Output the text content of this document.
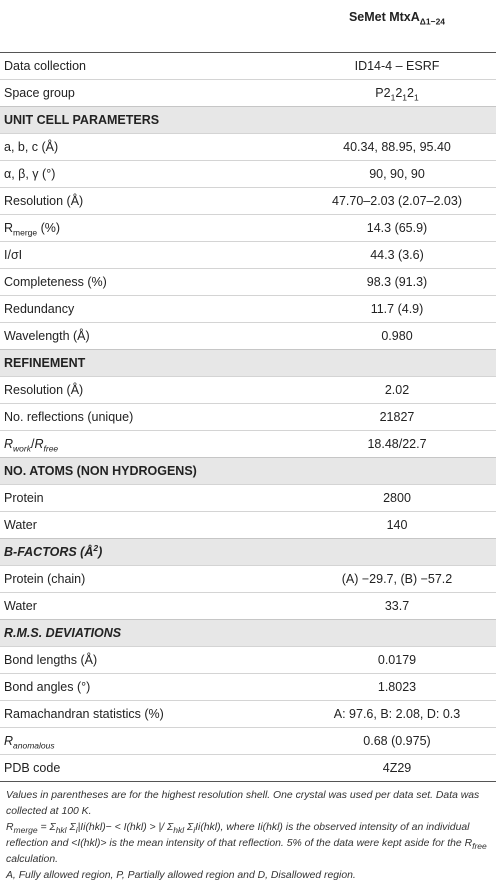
	SeMet MtxA$_{\Delta 1-24}$
Data collection	ID14-4 – ESRF
Space group	$P2_12_12_1$
UNIT CELL PARAMETERS	
a, b, c (Å)	40.34, 88.95, 95.40
α, β, γ (°)	90, 90, 90
Resolution (Å)	47.70–2.03 (2.07–2.03)
$R_{merge}$ (%)	14.3 (65.9)
I/σI	44.3 (3.6)
Completeness (%)	98.3 (91.3)
Redundancy	11.7 (4.9)
Wavelength (Å)	0.980
REFINEMENT	
Resolution (Å)	2.02
No. reflections (unique)	21827
$R_{work}/R_{free}$	18.48/22.7
NO. ATOMS (NON HYDROGENS)	
Protein	2800
Water	140
B-FACTORS $(Å^2)$	
Protein (chain)	(A) −29.7, (B) −57.2
Water	33.7
R.M.S. DEVIATIONS	
Bond lengths (Å)	0.0179
Bond angles (°)	1.8023
Ramachandran statistics (%)	A: 97.6, B: 2.08, D: 0.3
$R_{anomalous}$	0.68 (0.975)
PDB code	4Z29

Values in parentheses are for the highest resolution shell. One crystal was used per data set. Data was collected at 100 K.

$R_{merge} = \Sigma_{hkl}$ $\Sigma_i|Ii(hkl)- < I(hkl)$ > |/ $\Sigma_{hkl}$ $\Sigma_iIi(hkl)$, where Ii(hkl) is the observed intensity of an individual reflection and <I(hkl)> is the mean intensity of that reflection. 5% of the data were kept aside for the $R_{free}$ calculation.

A, Fully allowed region, P, Partially allowed region and D, Disallowed region.
